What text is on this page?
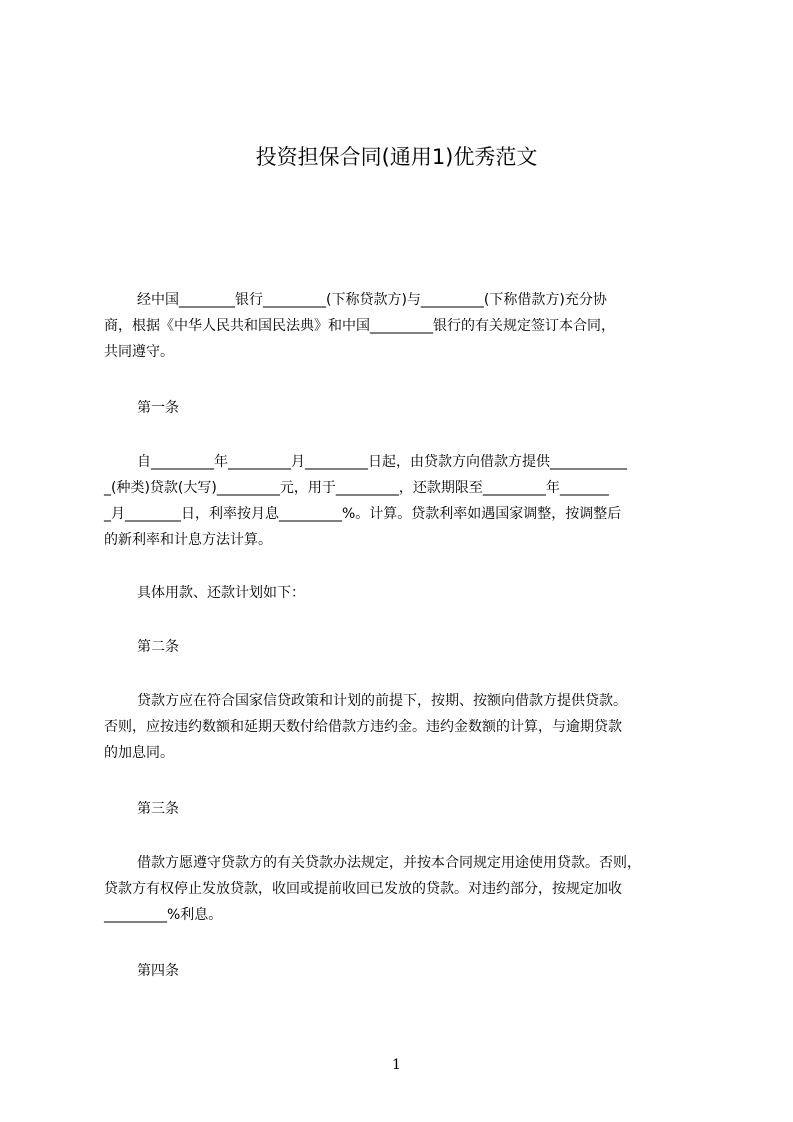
投资担保合同(通用1)优秀范文
经中国________银行_________(下称贷款方)与_________(下称借款方)充分协
商，根据《中华人民共和国民法典》和中国_________银行的有关规定签订本合同，
共同遵守。
第一条
自_________年_________月_________日起，由贷款方向借款方提供___________
_(种类)贷款(大写)_________元，用于_________，还款期限至_________年_______
_月________日，利率按月息_________%。计算。贷款利率如遇国家调整，按调整后
的新利率和计息方法计算。
具体用款、还款计划如下：
第二条
贷款方应在符合国家信贷政策和计划的前提下，按期、按额向借款方提供贷款。
否则，应按违约数额和延期天数付给借款方违约金。违约金数额的计算，与逾期贷款
的加息同。
第三条
借款方愿遵守贷款方的有关贷款办法规定，并按本合同规定用途使用贷款。否则，
贷款方有权停止发放贷款，收回或提前收回已发放的贷款。对违约部分，按规定加收
_________%利息。
第四条
1
